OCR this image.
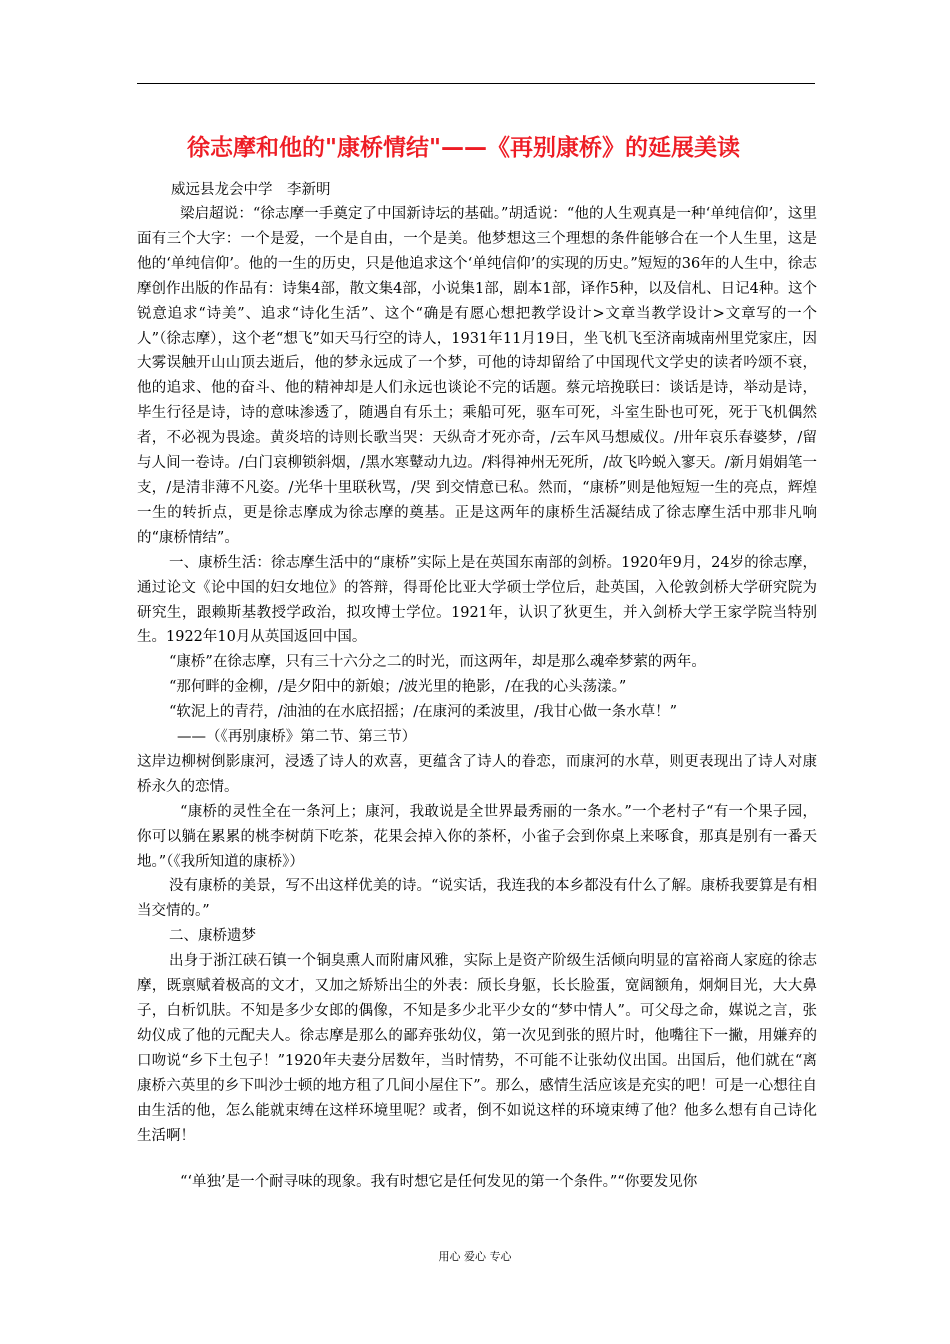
徐志摩和他的"康桥情结"——《再别康桥》的延展美读

威远县龙会中学　李新明

梁启超说：“徐志摩一手奠定了中国新诗坛的基础。”胡适说：“他的人生观真是一种‘单纯信仰’，这里面有三个大字：一个是爱，一个是自由，一个是美。他梦想这三个理想的条件能够合在一个人生里，这是他的‘单纯信仰’。他的一生的历史，只是他追求这个‘单纯信仰’的实现的历史。”短短的36年的人生中，徐志摩创作出版的作品有：诗集4部，散文集4部，小说集1部，剧本1部，译作5种，以及信札、日记4种。这个锐意追求“诗美”、追求“诗化生活”、这个“确是有愿心想把教学设计>文章当教学设计>文章写的一个人”（徐志摩），这个老“想飞”如天马行空的诗人，1931年11月19日，坐飞机飞至济南城南州里党家庄，因大雾误触开山山顶去逝后，他的梦永远成了一个梦，可他的诗却留给了中国现代文学史的读者吟颂不衰，他的追求、他的奋斗、他的精神却是人们永远也谈论不完的话题。蔡元培挽联曰：谈话是诗，举动是诗，毕生行径是诗，诗的意味渗透了，随遇自有乐土；乘船可死，驱车可死，斗室生卧也可死，死于飞机偶然者，不必视为畏途。黄炎培的诗则长歌当哭：天纵奇才死亦奇，/云车风马想威仪。/卅年哀乐春婆梦，/留与人间一卷诗。/白门哀柳锁斜烟，/黑水寒鼙动九边。/料得神州无死所，/故飞吟蜕入寥天。/新月娟娟笔一支，/是清非薄不凡姿。/光华十里联秋骂，/哭 到交情意已私。然而，“康桥”则是他短短一生的亮点，辉煌一生的转折点，更是徐志摩成为徐志摩的奠基。正是这两年的康桥生活凝结成了徐志摩生活中那非凡响的“康桥情结”。

一、康桥生活：徐志摩生活中的“康桥”实际上是在英国东南部的剑桥。1920年9月，24岁的徐志摩，通过论文《论中国的妇女地位》的答辩，得哥伦比亚大学硕士学位后，赴英国，入伦敦剑桥大学研究院为研究生，跟赖斯基教授学政治，拟攻博士学位。1921年，认识了狄更生，并入剑桥大学王家学院当特别生。1922年10月从英国返回中国。

“康桥”在徐志摩，只有三十六分之二的时光，而这两年，却是那么魂牵梦萦的两年。

“那何畔的金柳，/是夕阳中的新娘；/波光里的艳影，/在我的心头荡漾。”

“软泥上的青荇，/油油的在水底招摇；/在康河的柔波里，/我甘心做一条水草！”

——（《再别康桥》第二节、第三节）

这岸边柳树倒影康河，浸透了诗人的欢喜，更蕴含了诗人的眷恋，而康河的水草，则更表现出了诗人对康桥永久的恋情。

“康桥的灵性全在一条河上；康河，我敢说是全世界最秀丽的一条水。”一个老村子“有一个果子园，你可以躺在累累的桃李树荫下吃茶，花果会掉入你的茶杯，小雀子会到你桌上来啄食，那真是别有一番天地。”（《我所知道的康桥》）

没有康桥的美景，写不出这样优美的诗。“说实话，我连我的本乡都没有什么了解。康桥我要算是有相当交情的。”

二、康桥遗梦

出身于浙江硖石镇一个铜臭熏人而附庸风雅，实际上是资产阶级生活倾向明显的富裕商人家庭的徐志摩，既禀赋着极高的文才，又加之矫矫出尘的外表：颀长身躯，长长脸蛋，宽阔额角，炯炯目光，大大鼻子，白析饥肤。不知是多少女郎的偶像，不知是多少北平少女的“梦中情人”。可父母之命，媒说之言，张幼仪成了他的元配夫人。徐志摩是那么的鄙弃张幼仪，第一次见到张的照片时，他嘴往下一撇，用嫌弃的口吻说“乡下土包子！”1920年夫妻分居数年，当时情势，不可能不让张幼仪出国。出国后，他们就在“离康桥六英里的乡下叫沙士顿的地方租了几间小屋住下”。那么，感情生活应该是充实的吧！可是一心想往自由生活的他，怎么能就束缚在这样环境里呢？或者，倒不如说这样的环境束缚了他？他多么想有自己诗化生活啊！

“‘单独’是一个耐寻味的现象。我有时想它是任何发见的第一个条件。”“你要发见你

用心 爱心 专心
